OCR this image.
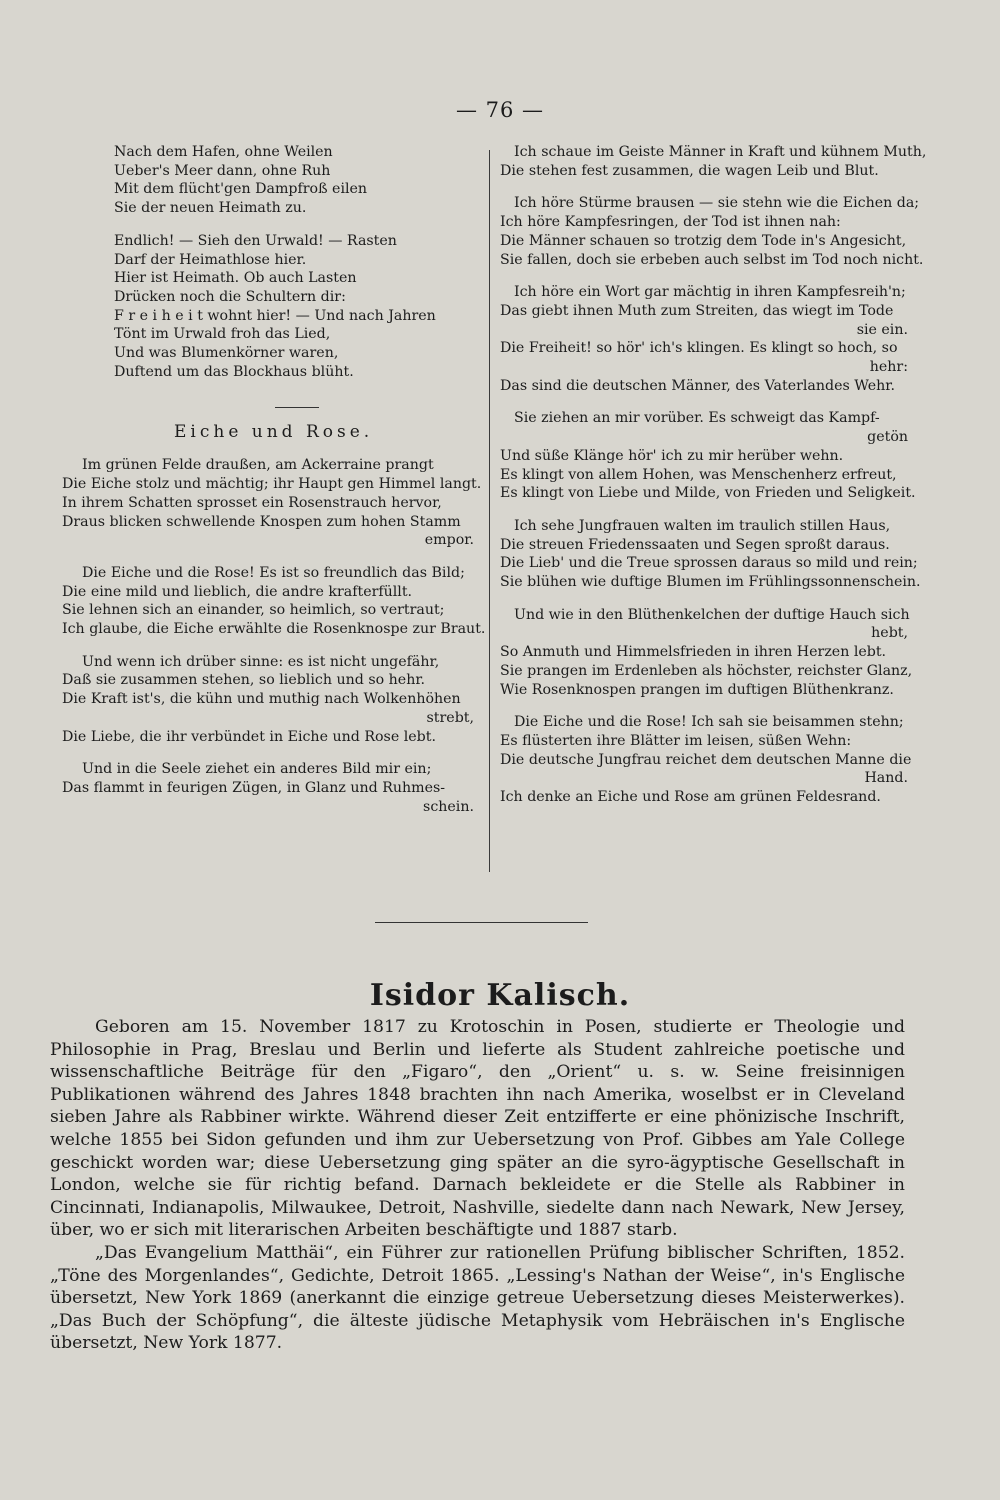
— 76 —
Nach dem Hafen, ohne Weilen
Ueber's Meer dann, ohne Ruh
Mit dem flücht'gen Dampfroß eilen
Sie der neuen Heimath zu.
Endlich! — Sieh den Urwald! — Rasten
Darf der Heimathlose hier.
Hier ist Heimath. Ob auch Lasten
Drücken noch die Schultern dir:
F r e i h e i t wohnt hier! — Und nach Jahren
Tönt im Urwald froh das Lied,
Und was Blumenkörner waren,
Duftend um das Blockhaus blüht.
Eiche und Rose.
Im grünen Felde draußen, am Ackerraine prangt
Die Eiche stolz und mächtig; ihr Haupt gen Himmel langt.
In ihrem Schatten sprosset ein Rosenstrauch hervor,
Draus blicken schwellende Knospen zum hohen Stamm
empor.
Die Eiche und die Rose! Es ist so freundlich das Bild;
Die eine mild und lieblich, die andre krafterfüllt.
Sie lehnen sich an einander, so heimlich, so vertraut;
Ich glaube, die Eiche erwählte die Rosenknospe zur Braut.
Und wenn ich drüber sinne: es ist nicht ungefähr,
Daß sie zusammen stehen, so lieblich und so hehr.
Die Kraft ist's, die kühn und muthig nach Wolkenhöhen
strebt,
Die Liebe, die ihr verbündet in Eiche und Rose lebt.
Und in die Seele ziehet ein anderes Bild mir ein;
Das flammt in feurigen Zügen, in Glanz und Ruhmes-
schein.
Ich schaue im Geiste Männer in Kraft und kühnem Muth,
Die stehen fest zusammen, die wagen Leib und Blut.
Ich höre Stürme brausen — sie stehn wie die Eichen da;
Ich höre Kampfesringen, der Tod ist ihnen nah:
Die Männer schauen so trotzig dem Tode in's Angesicht,
Sie fallen, doch sie erbeben auch selbst im Tod noch nicht.
Ich höre ein Wort gar mächtig in ihren Kampfesreih'n;
Das giebt ihnen Muth zum Streiten, das wiegt im Tode
sie ein.
Die Freiheit! so hör' ich's klingen. Es klingt so hoch, so
hehr:
Das sind die deutschen Männer, des Vaterlandes Wehr.
Sie ziehen an mir vorüber. Es schweigt das Kampf-
getön
Und süße Klänge hör' ich zu mir herüber wehn.
Es klingt von allem Hohen, was Menschenherz erfreut,
Es klingt von Liebe und Milde, von Frieden und Seligkeit.
Ich sehe Jungfrauen walten im traulich stillen Haus,
Die streuen Friedenssaaten und Segen sproßt daraus.
Die Lieb' und die Treue sprossen daraus so mild und rein;
Sie blühen wie duftige Blumen im Frühlingssonnenschein.
Und wie in den Blüthenkelchen der duftige Hauch sich
hebt,
So Anmuth und Himmelsfrieden in ihren Herzen lebt.
Sie prangen im Erdenleben als höchster, reichster Glanz,
Wie Rosenknospen prangen im duftigen Blüthenkranz.
Die Eiche und die Rose! Ich sah sie beisammen stehn;
Es flüsterten ihre Blätter im leisen, süßen Wehn:
Die deutsche Jungfrau reichet dem deutschen Manne die
Hand.
Ich denke an Eiche und Rose am grünen Feldesrand.
Isidor Kalisch.

Geboren am 15. November 1817 zu Krotoschin in Posen, studierte er Theologie und Philosophie in Prag, Breslau und Berlin und lieferte als Student zahlreiche poetische und wissenschaftliche Beiträge für den „Figaro“, den „Orient“ u. s. w. Seine freisinnigen Publikationen während des Jahres 1848 brachten ihn nach Amerika, woselbst er in Cleveland sieben Jahre als Rabbiner wirkte. Während dieser Zeit entzifferte er eine phönizische Inschrift, welche 1855 bei Sidon gefunden und ihm zur Uebersetzung von Prof. Gibbes am Yale College geschickt worden war; diese Uebersetzung ging später an die syro-ägyptische Gesellschaft in London, welche sie für richtig befand. Darnach bekleidete er die Stelle als Rabbiner in Cincinnati, Indianapolis, Milwaukee, Detroit, Nashville, siedelte dann nach Newark, New Jersey, über, wo er sich mit literarischen Arbeiten beschäftigte und 1887 starb.

„Das Evangelium Matthäi“, ein Führer zur rationellen Prüfung biblischer Schriften, 1852. „Töne des Morgenlandes“, Gedichte, Detroit 1865. „Lessing's Nathan der Weise“, in's Englische übersetzt, New York 1869 (anerkannt die einzige getreue Uebersetzung dieses Meisterwerkes). „Das Buch der Schöpfung“, die älteste jüdische Metaphysik vom Hebräischen in's Englische übersetzt, New York 1877.
